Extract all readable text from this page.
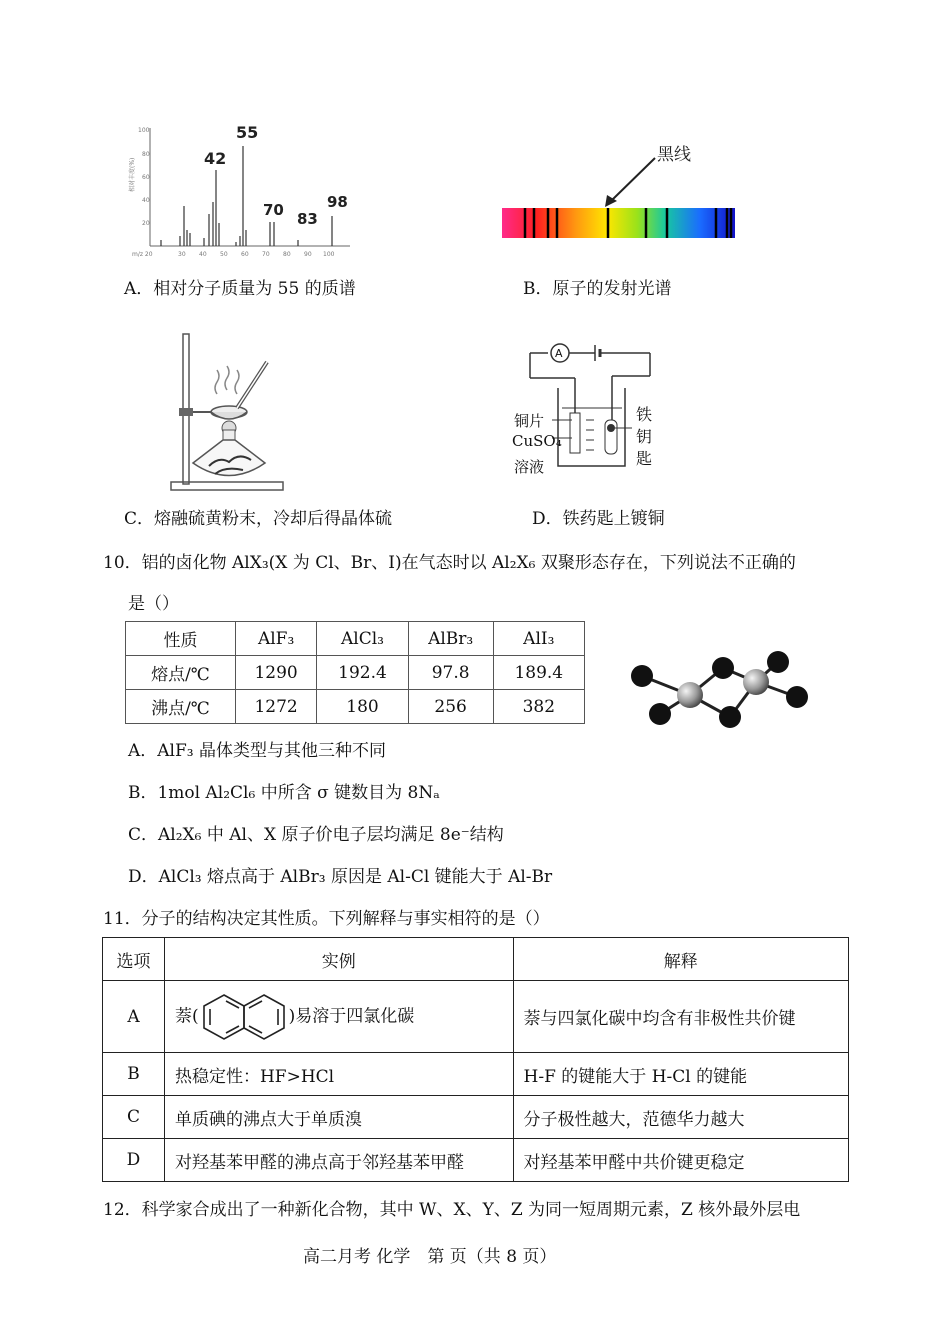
相对丰度(%)
100
80
60
40
20
m/z 20	30 40 50 60 70 80 90 100
55
42
70 83
98
黑线
A．相对分子质量为 55 的质谱	B．原子的发射光谱
A
铜片
CuSO₄
溶液
铁
钥
匙
C．熔融硫黄粉末，冷却后得晶体硫	D．铁药匙上镀铜
10．铝的卤化物 AlX₃(X 为 Cl、Br、I)在气态时以 Al₂X₆ 双聚形态存在，下列说法不正确的
是（）
性质	AlF₃	AlCl₃	AlBr₃	AlI₃
熔点/℃	1290	192.4	97.8	189.4
沸点/℃	1272	180	256	382
A．AlF₃ 晶体类型与其他三种不同
B．1mol Al₂Cl₆ 中所含 σ 键数目为 8Nₐ
C．Al₂X₆ 中 Al、X 原子价电子层均满足 8e⁻结构
D．AlCl₃ 熔点高于 AlBr₃ 原因是 Al-Cl 键能大于 Al-Br
11．分子的结构决定其性质。下列解释与事实相符的是（）
选项	实例	解释
A	萘( )易溶于四氯化碳	萘与四氯化碳中均含有非极性共价键
B	热稳定性：HF>HCl	H-F 的键能大于 H-Cl 的键能
C	单质碘的沸点大于单质溴	分子极性越大，范德华力越大
D	对羟基苯甲醛的沸点高于邻羟基苯甲醛	对羟基苯甲醛中共价键更稳定
12．科学家合成出了一种新化合物，其中 W、X、Y、Z 为同一短周期元素，Z 核外最外层电
高二月考 化学　第 页（共 8 页）
